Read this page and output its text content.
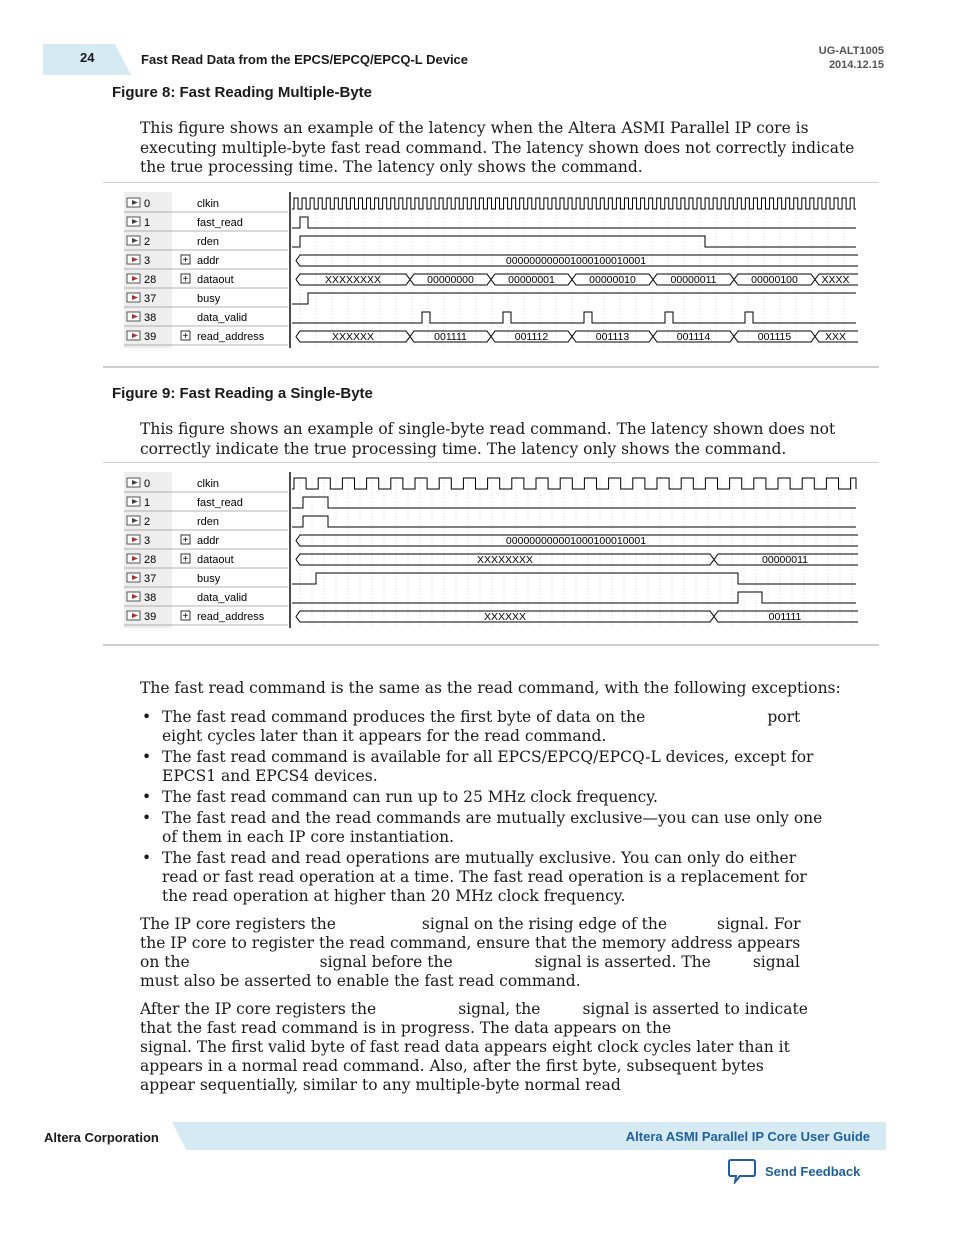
24	Fast Read Data from the EPCS/EPCQ/EPCQ-L Device
UG-ALT1005
2014.12.15
Figure 8: Fast Reading Multiple-Byte
This figure shows an example of the latency when the Altera ASMI Parallel IP core is executing multiple-byte fast read command. The latency shown does not correctly indicate the true processing time. The latency only shows the command.
0	clkin
1	fast_read
2	rden
3	+ addr
28	+ dataout
37	busy
38	data_valid
39	+ read_address
000000000001000100010001
XXXXXXXX	00000000	00000001	00000010	00000011	00000100 XXXX
XXXXXX	001111	001112	001113	001114	001115	XXX
Figure 9: Fast Reading a Single-Byte
This figure shows an example of single-byte read command. The latency shown does not correctly indicate the true processing time. The latency only shows the command.
0	clkin
1	fast_read
2	rden
3	+ addr
28	+ dataout
37	busy
38	data_valid
39	+ read_address
000000000001000100010001
XXXXXXXX	00000011
XXXXXX	001111
The fast read command is the same as the read command, with the following exceptions:
• The fast read command produces the first byte of data on the	port eight cycles later than it appears for the read command.
• The fast read command is available for all EPCS/EPCQ/EPCQ-L devices, except for EPCS1 and EPCS4 devices.
• The fast read command can run up to 25 MHz clock frequency.
• The fast read and the read commands are mutually exclusive—you can use only one of them in each IP core instantiation.
• The fast read and read operations are mutually exclusive. You can only do either read or fast read operation at a time. The fast read operation is a replacement for the read operation at higher than 20 MHz clock frequency.
The IP core registers the	signal on the rising edge of the	signal. For the IP core to register the read command, ensure that the memory address appears on the	signal before the	signal is asserted. The	signal must also be asserted to enable the fast read command.
After the IP core registers the	signal, the	signal is asserted to indicate that the fast read command is in progress. The data appears on thesignal. The first valid byte of fast read data appears eight clock cycles later than it appears in a normal read command. Also, after the first byte, subsequent bytes appear sequentially, similar to any multiple-byte normal read
Altera Corporation	Altera ASMI Parallel IP Core User Guide
Send Feedback
